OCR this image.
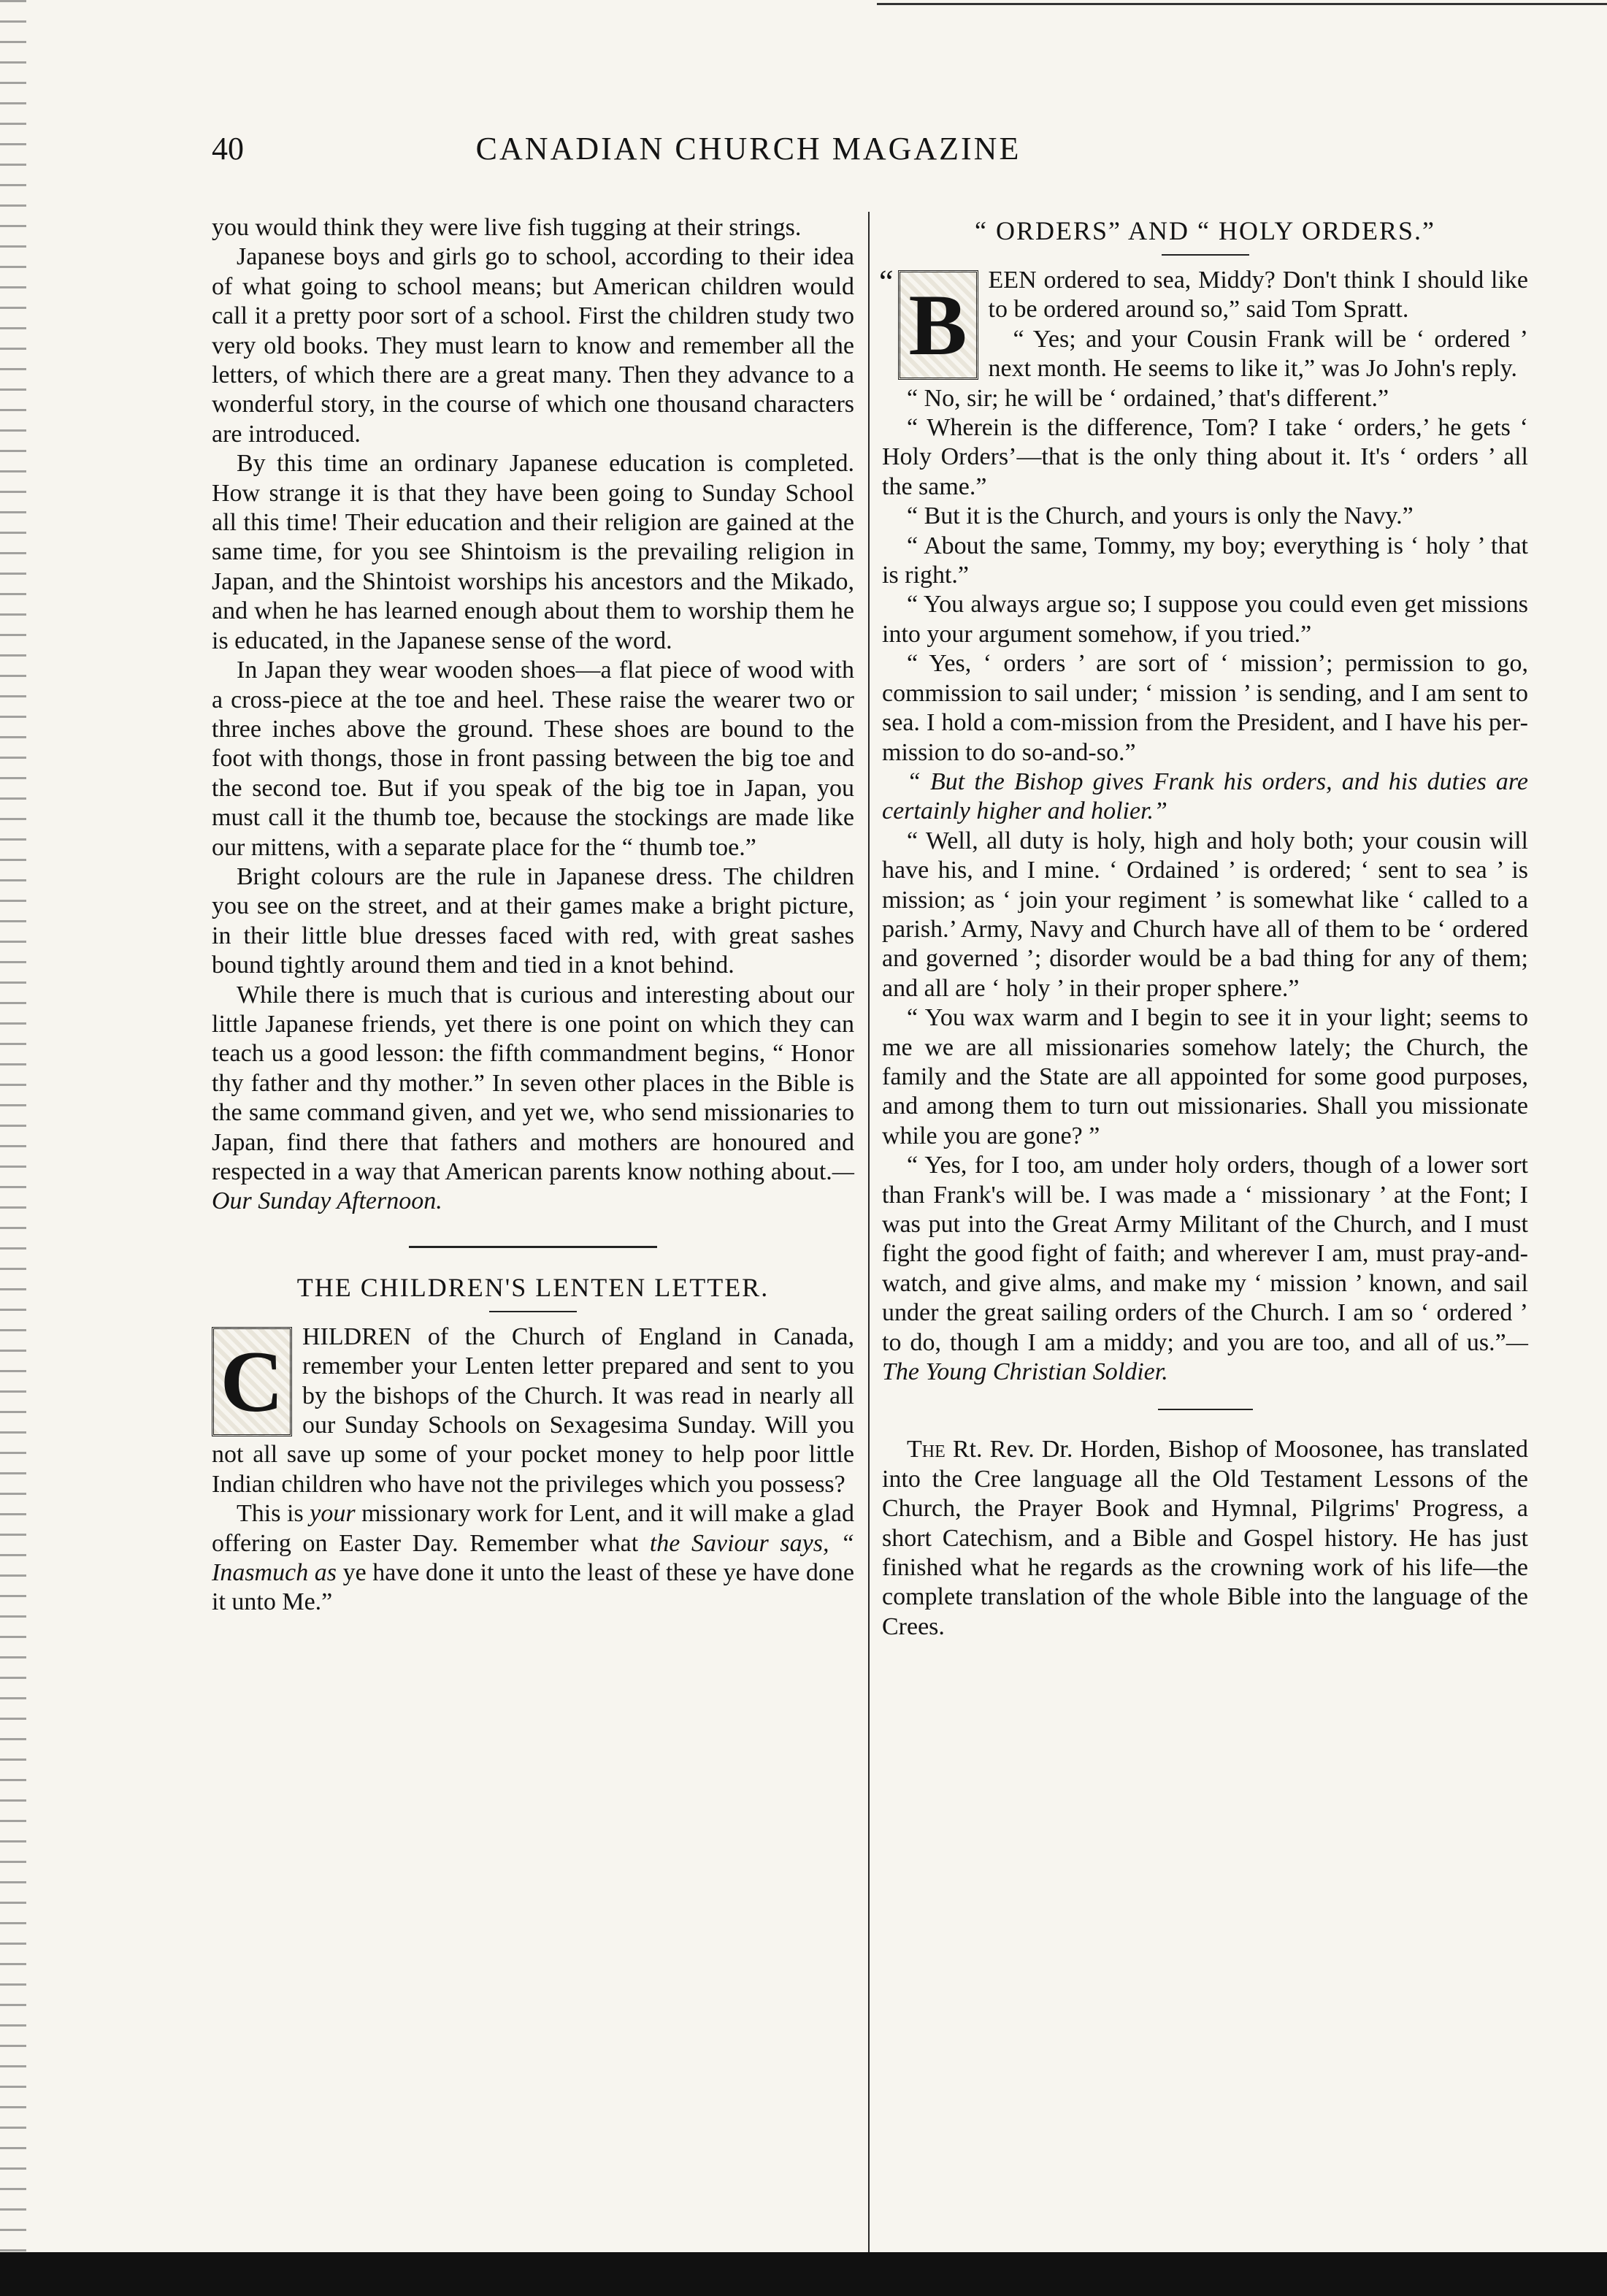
40	CANADIAN CHURCH MAGAZINE

you would think they were live fish tugging at their strings.

Japanese boys and girls go to school, according to their idea of what going to school means; but American children would call it a pretty poor sort of a school. First the children study two very old books. They must learn to know and remember all the letters, of which there are a great many. Then they advance to a wonderful story, in the course of which one thousand characters are introduced.

By this time an ordinary Japanese education is completed. How strange it is that they have been going to Sunday School all this time! Their education and their religion are gained at the same time, for you see Shintoism is the prevailing religion in Japan, and the Shintoist worships his ancestors and the Mikado, and when he has learned enough about them to worship them he is educated, in the Japanese sense of the word.

In Japan they wear wooden shoes—a flat piece of wood with a cross-piece at the toe and heel. These raise the wearer two or three inches above the ground. These shoes are bound to the foot with thongs, those in front passing between the big toe and the second toe. But if you speak of the big toe in Japan, you must call it the thumb toe, because the stockings are made like our mittens, with a separate place for the “ thumb toe.”

Bright colours are the rule in Japanese dress. The children you see on the street, and at their games make a bright picture, in their little blue dresses faced with red, with great sashes bound tightly around them and tied in a knot behind.

While there is much that is curious and interesting about our little Japanese friends, yet there is one point on which they can teach us a good lesson: the fifth commandment begins, “ Honor thy father and thy mother.” In seven other places in the Bible is the same command given, and yet we, who send missionaries to Japan, find there that fathers and mothers are honoured and respected in a way that American parents know nothing about.—Our Sunday Afternoon.

THE CHILDREN'S LENTEN LETTER.

C HILDREN of the Church of England in Canada, remember your Lenten letter prepared and sent to you by the bishops of the Church. It was read in nearly all our Sunday Schools on Sexagesima Sunday. Will you not all save up some of your pocket money to help poor little Indian children who have not the privileges which you possess?

This is your missionary work for Lent, and it will make a glad offering on Easter Day. Remember what the Saviour says, “ Inasmuch as ye have done it unto the least of these ye have done it unto Me.”

“ ORDERS” AND “ HOLY ORDERS.”

“ B EEN ordered to sea, Middy? Don't think I should like to be ordered around so,” said Tom Spratt.

“ Yes; and your Cousin Frank will be ‘ ordered ’ next month. He seems to like it,” was Jo John's reply.

“ No, sir; he will be ‘ ordained,’ that's different.”

“ Wherein is the difference, Tom? I take ‘ orders,’ he gets ‘ Holy Orders’—that is the only thing about it. It's ‘ orders ’ all the same.”

“ But it is the Church, and yours is only the Navy.”

“ About the same, Tommy, my boy; everything is ‘ holy ’ that is right.”

“ You always argue so; I suppose you could even get missions into your argument somehow, if you tried.”

“ Yes, ‘ orders ’ are sort of ‘ mission’; permission to go, commission to sail under; ‘ mission ’ is sending, and I am sent to sea. I hold a com-mission from the President, and I have his per-mission to do so-and-so.”

“ But the Bishop gives Frank his orders, and his duties are certainly higher and holier.”

“ Well, all duty is holy, high and holy both; your cousin will have his, and I mine. ‘ Ordained ’ is ordered; ‘ sent to sea ’ is mission; as ‘ join your regiment ’ is somewhat like ‘ called to a parish.’ Army, Navy and Church have all of them to be ‘ ordered and governed ’; disorder would be a bad thing for any of them; and all are ‘ holy ’ in their proper sphere.”

“ You wax warm and I begin to see it in your light; seems to me we are all missionaries somehow lately; the Church, the family and the State are all appointed for some good purposes, and among them to turn out missionaries. Shall you missionate while you are gone? ”

“ Yes, for I too, am under holy orders, though of a lower sort than Frank's will be. I was made a ‘ missionary ’ at the Font; I was put into the Great Army Militant of the Church, and I must fight the good fight of faith; and wherever I am, must pray-and-watch, and give alms, and make my ‘ mission ’ known, and sail under the great sailing orders of the Church. I am so ‘ ordered ’ to do, though I am a middy; and you are too, and all of us.”—The Young Christian Soldier.

The Rt. Rev. Dr. Horden, Bishop of Moosonee, has translated into the Cree language all the Old Testament Lessons of the Church, the Prayer Book and Hymnal, Pilgrims' Progress, a short Catechism, and a Bible and Gospel history. He has just finished what he regards as the crowning work of his life—the complete translation of the whole Bible into the language of the Crees.
